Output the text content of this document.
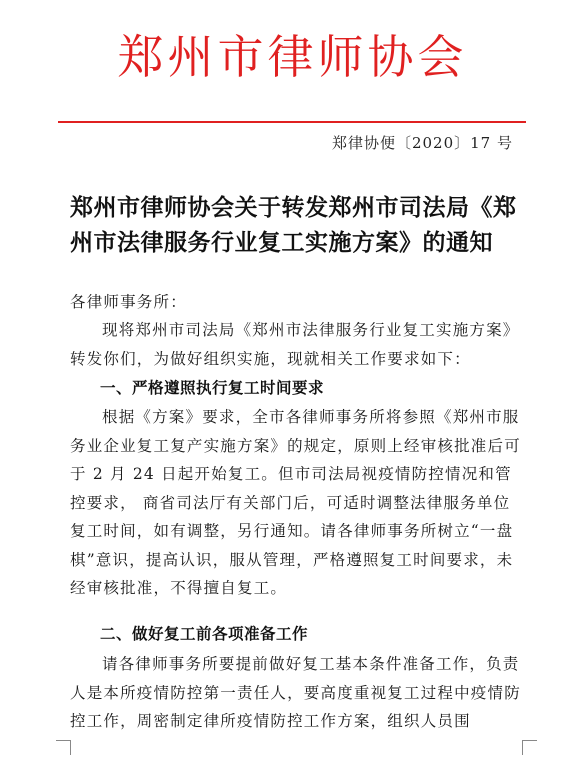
郑州市律师协会
郑律协便〔2020〕17 号
郑州市律师协会关于转发郑州市司法局《郑州市法律服务行业复工实施方案》的通知
各律师事务所：
现将郑州市司法局《郑州市法律服务行业复工实施方案》转发你们，为做好组织实施，现就相关工作要求如下：
一、严格遵照执行复工时间要求
根据《方案》要求，全市各律师事务所将参照《郑州市服务业企业复工复产实施方案》的规定，原则上经审核批准后可于 2 月 24 日起开始复工。但市司法局视疫情防控情况和管控要求， 商省司法厅有关部门后，可适时调整法律服务单位复工时间，如有调整，另行通知。请各律师事务所树立“一盘棋”意识，提高认识，服从管理，严格遵照复工时间要求，未经审核批准，不得擅自复工。
二、做好复工前各项准备工作
请各律师事务所要提前做好复工基本条件准备工作，负责人是本所疫情防控第一责任人，要高度重视复工过程中疫情防控工作，周密制定律所疫情防控工作方案，组织人员围
